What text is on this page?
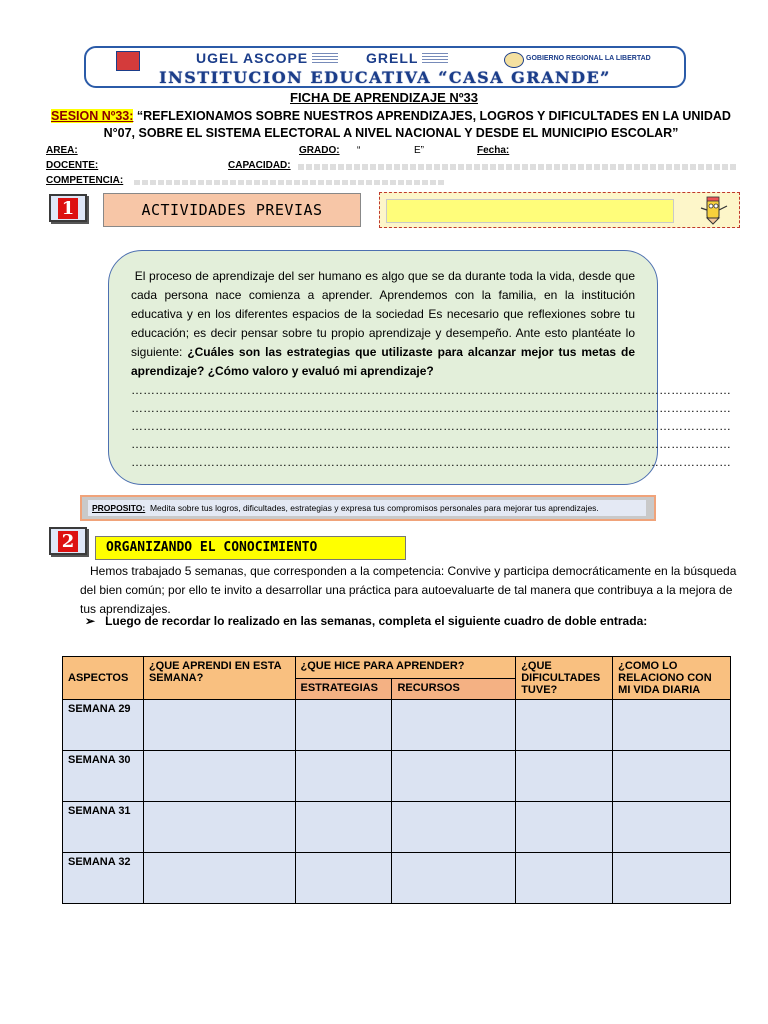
UGEL ASCOPE	GRELL	GOBIERNO REGIONAL LA LIBERTAD
INSTITUCION EDUCATIVA “CASA GRANDE”
FICHA DE APRENDIZAJE Nº33
SESION Nº33: “REFLEXIONAMOS SOBRE NUESTROS APRENDIZAJES, LOGROS Y DIFICULTADES EN LA UNIDAD N°07, SOBRE EL SISTEMA ELECTORAL A NIVEL NACIONAL Y DESDE EL MUNICIPIO ESCOLAR”
AREA:	GRADO: “	E”	Fecha:
DOCENTE:	CAPACIDAD:
COMPETENCIA:
1	ACTIVIDADES PREVIAS

El proceso de aprendizaje del ser humano es algo que se da durante toda la vida, desde que cada persona nace comienza a aprender. Aprendemos con la familia, en la institución educativa y en los diferentes espacios de la sociedad Es necesario que reflexiones sobre tu educación; es decir pensar sobre tu propio aprendizaje y desempeño. Ante esto plantéate lo siguiente: ¿Cuáles son las estrategias que utilizaste para alcanzar mejor tus metas de aprendizaje? ¿Cómo valoro y evaluó mi aprendizaje?

……………………………………………………………………………………………………………………………………
……………………………………………………………………………………………………………………………………
……………………………………………………………………………………………………………………………………
……………………………………………………………………………………………………………………………………
……………………………………………………………………………………………………………………………………
PROPOSITO: Medita sobre tus logros, dificultades, estrategias y expresa tus compromisos personales para mejorar tus aprendizajes.
2	ORGANIZANDO EL CONOCIMIENTO
Hemos trabajado 5 semanas, que corresponden a la competencia: Convive y participa democráticamente en la búsqueda del bien común; por ello te invito a desarrollar una práctica para autoevaluarte de tal manera que contribuya a la mejora de tus aprendizajes.
➢ Luego de recordar lo realizado en las semanas, completa el siguiente cuadro de doble entrada:
ASPECTOS	¿QUE APRENDI EN ESTA SEMANA?	¿QUE HICE PARA APRENDER?		¿QUE DIFICULTADES TUVE?	¿COMO LO RELACIONO CON MI VIDA DIARIA
		ESTRATEGIAS	RECURSOS		
SEMANA 29					
SEMANA 30					
SEMANA 31					
SEMANA 32					
